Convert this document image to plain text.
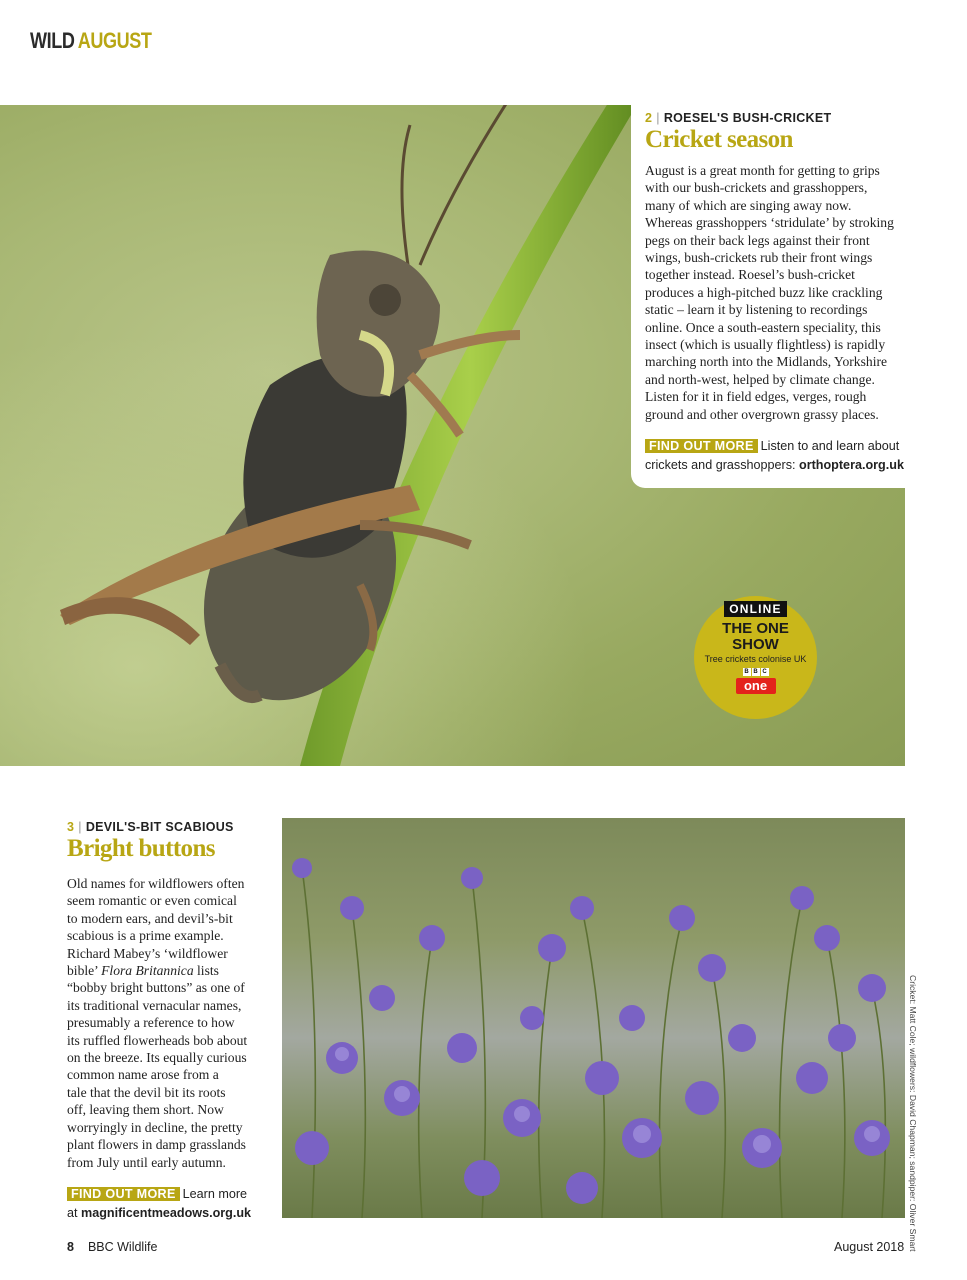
WILD AUGUST
2 | ROESEL'S BUSH-CRICKET
Cricket season
August is a great month for getting to grips
with our bush-crickets and grasshoppers,
many of which are singing away now.
Whereas grasshoppers ‘stridulate’ by stroking
pegs on their back legs against their front
wings, bush-crickets rub their front wings
together instead. Roesel’s bush-cricket
produces a high-pitched buzz like crackling
static – learn it by listening to recordings
online. Once a south-eastern speciality, this
insect (which is usually flightless) is rapidly
marching north into the Midlands, Yorkshire
and north-west, helped by climate change.
Listen for it in field edges, verges, rough
ground and other overgrown grassy places.
FIND OUT MORE Listen to and learn about
crickets and grasshoppers: orthoptera.org.uk
ONLINE
THE ONE
SHOW
Tree crickets colonise UK
B B C
one
3 | DEVIL'S-BIT SCABIOUS
Bright buttons
Old names for wildflowers often
seem romantic or even comical
to modern ears, and devil’s-bit
scabious is a prime example.
Richard Mabey’s ‘wildflower
bible’ Flora Britannica lists
“bobby bright buttons” as one of
its traditional vernacular names,
presumably a reference to how
its ruffled flowerheads bob about
on the breeze. Its equally curious
common name arose from a
tale that the devil bit its roots
off, leaving them short. Now
worryingly in decline, the pretty
plant flowers in damp grasslands
from July until early autumn.
FIND OUT MORE Learn more
at magnificentmeadows.org.uk	Cricket: Matt Cole; wildflowers: David Chapman; sandpiper: Oliver Smart
8 BBC Wildlife	August 2018
